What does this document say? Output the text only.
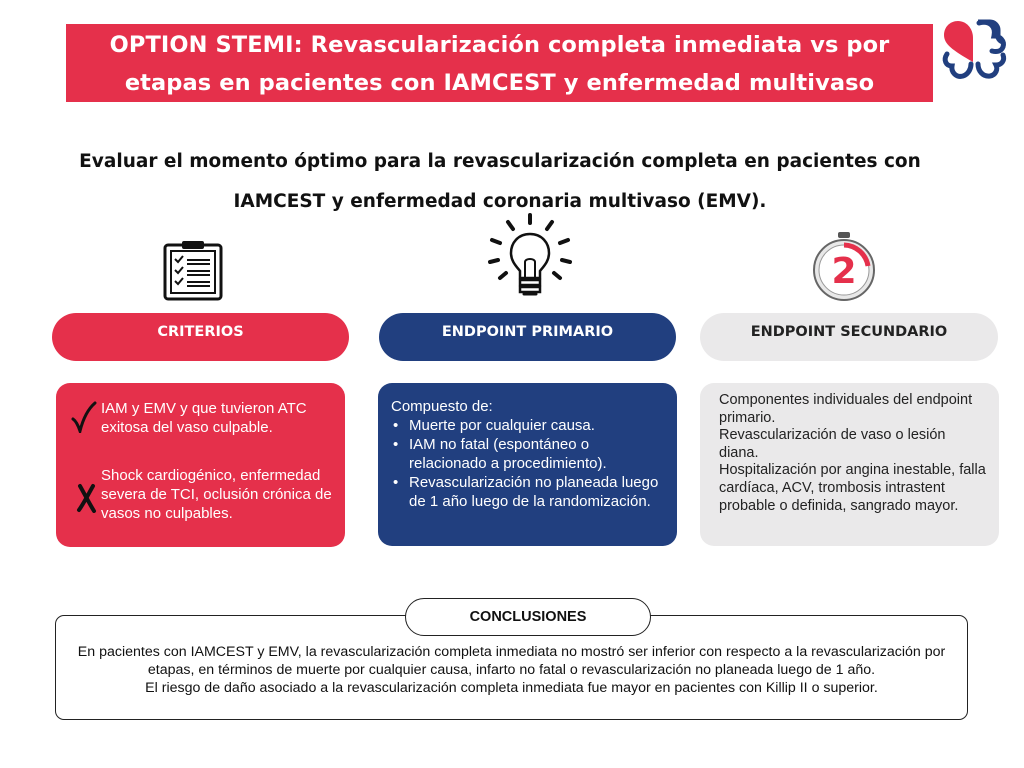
OPTION STEMI: Revascularización completa inmediata vs por
etapas en pacientes con IAMCEST y enfermedad multivaso
Evaluar el momento óptimo para la revascularización completa en pacientes con
IAMCEST y enfermedad coronaria multivaso (EMV).
2
CRITERIOS	ENDPOINT PRIMARIO	ENDPOINT SECUNDARIO
IAM y EMV y que tuvieron ATC exitosa del vaso culpable.
Shock cardiogénico, enfermedad severa de TCI, oclusión crónica de vasos no culpables.
Compuesto de:
• Muerte por cualquier causa.
• IAM no fatal (espontáneo o relacionado a procedimiento).
• Revascularización no planeada luego de 1 año luego de la randomización.
Componentes individuales del endpoint primario.
Revascularización de vaso o lesión diana.
Hospitalización por angina inestable, falla cardíaca, ACV, trombosis intrastent probable o definida, sangrado mayor.
CONCLUSIONES
En pacientes con IAMCEST y EMV, la revascularización completa inmediata no mostró ser inferior con respecto a la revascularización por etapas, en términos de muerte por cualquier causa, infarto no fatal o revascularización no planeada luego de 1 año.
El riesgo de daño asociado a la revascularización completa inmediata fue mayor en pacientes con Killip II o superior.
